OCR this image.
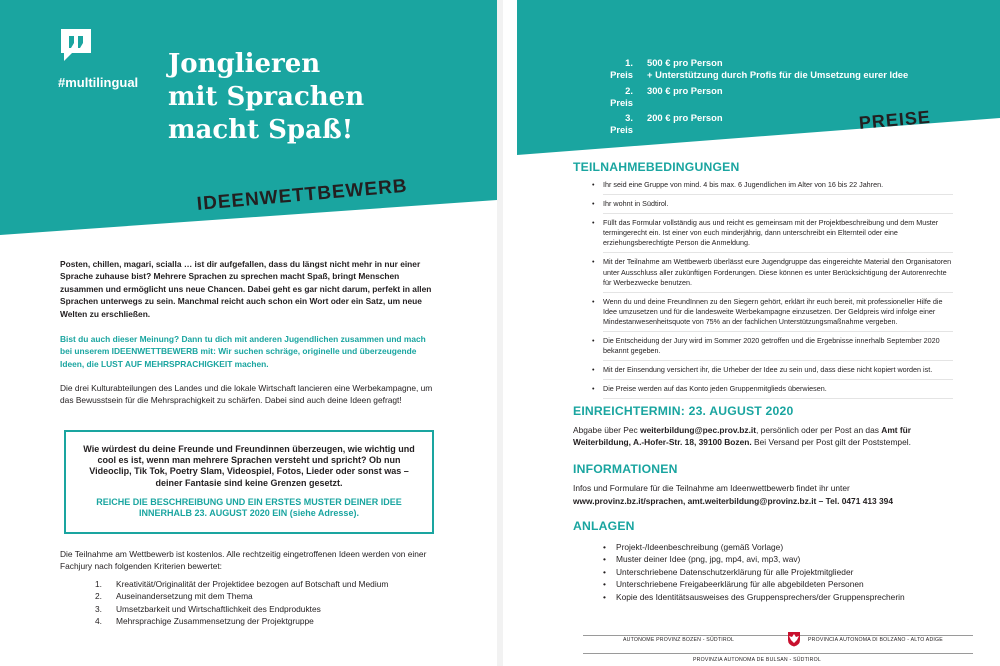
#multilingual
Jonglieren
mit Sprachen
macht Spaß!
IDEENWETTBEWERB

Posten, chillen, magari, scialla … ist dir aufgefallen, dass du längst nicht mehr in nur einer Sprache zuhause bist? Mehrere Sprachen zu sprechen macht Spaß, bringt Menschen zusammen und ermöglicht uns neue Chancen. Dabei geht es gar nicht darum, perfekt in allen Sprachen unterwegs zu sein. Manchmal reicht auch schon ein Wort oder ein Satz, um neue Welten zu erschließen.

Bist du auch dieser Meinung? Dann tu dich mit anderen Jugendlichen zusammen und mach bei unserem IDEENWETTBEWERB mit: Wir suchen schräge, originelle und überzeugende Ideen, die LUST AUF MEHRSPRACHIGKEIT machen.

Die drei Kulturabteilungen des Landes und die lokale Wirtschaft lancieren eine Werbekampagne, um das Bewusstsein für die Mehrsprachigkeit zu schärfen. Dabei sind auch deine Ideen gefragt!

Wie würdest du deine Freunde und Freundinnen überzeugen, wie wichtig und cool es ist, wenn man mehrere Sprachen versteht und spricht? Ob nun Videoclip, Tik Tok, Poetry Slam, Videospiel, Fotos, Lieder oder sonst was – deiner Fantasie sind keine Grenzen gesetzt.

REICHE DIE BESCHREIBUNG UND EIN ERSTES MUSTER DEINER IDEE INNERHALB 23. AUGUST 2020 EIN (siehe Adresse).

Die Teilnahme am Wettbewerb ist kostenlos. Alle rechtzeitig eingetroffenen Ideen werden von einer Fachjury nach folgenden Kriterien bewertet:

1.	Kreativität/Originalität der Projektidee bezogen auf Botschaft und Medium
2.	Auseinandersetzung mit dem Thema
3.	Umsetzbarkeit und Wirtschaftlichkeit des Endproduktes
4.	Mehrsprachige Zusammensetzung der Projektgruppe
1. Preis
500 € pro Person
+ Unterstützung durch Profis für die Umsetzung eurer Idee
2. Preis
300 € pro Person
3. Preis
200 € pro Person	PREISE
TEILNAHMEBEDINGUNGEN
• Ihr seid eine Gruppe von mind. 4 bis max. 6 Jugendlichen im Alter von 16 bis 22 Jahren.
• Ihr wohnt in Südtirol.
• Füllt das Formular vollständig aus und reicht es gemeinsam mit der Projektbeschreibung und dem Muster termingerecht ein. Ist einer von euch minderjährig, dann unterschreibt ein Elternteil oder eine erziehungsberechtigte Person die Anmeldung.
• Mit der Teilnahme am Wettbewerb überlässt eure Jugendgruppe das eingereichte Material den Organisatoren unter Ausschluss aller zukünftigen Forderungen. Diese können es unter Berücksichtigung der Autorenrechte für Werbezwecke benutzen.
• Wenn du und deine FreundInnen zu den Siegern gehört, erklärt ihr euch bereit, mit professioneller Hilfe die Idee umzusetzen und für die landesweite Werbekampagne einzusetzen. Der Geldpreis wird infolge einer Mindestanwesenheitsquote von 75% an der fachlichen Unterstützungsmaßnahme vergeben.
• Die Entscheidung der Jury wird im Sommer 2020 getroffen und die Ergebnisse innerhalb September 2020 bekannt gegeben.
• Mit der Einsendung versichert ihr, die Urheber der Idee zu sein und, dass diese nicht kopiert worden ist.
• Die Preise werden auf das Konto jeden Gruppenmitglieds überwiesen.
EINREICHTERMIN: 23. AUGUST 2020

Abgabe über Pec weiterbildung@pec.prov.bz.it, persönlich oder per Post an das Amt für Weiterbildung, A.-Hofer-Str. 18, 39100 Bozen. Bei Versand per Post gilt der Poststempel.

INFORMATIONEN

Infos und Formulare für die Teilnahme am Ideenwettbewerb findet ihr unter

www.provinz.bz.it/sprachen, amt.weiterbildung@provinz.bz.it – Tel. 0471 413 394

ANLAGEN
• Projekt-/Ideenbeschreibung (gemäß Vorlage)
• Muster deiner Idee (png, jpg, mp4, avi, mp3, wav)
• Unterschriebene Datenschutzerklärung für alle Projektmitglieder
• Unterschriebene Freigabeerklärung für alle abgebildeten Personen
• Kopie des Identitätsausweises des Gruppensprechers/der Gruppensprecherin
AUTONOME PROVINZ BOZEN - SÜDTIROL	PROVINCIA AUTONOMA DI BOLZANO - ALTO ADIGE
PROVINZIA AUTONOMA DE BULSAN - SÜDTIROL
